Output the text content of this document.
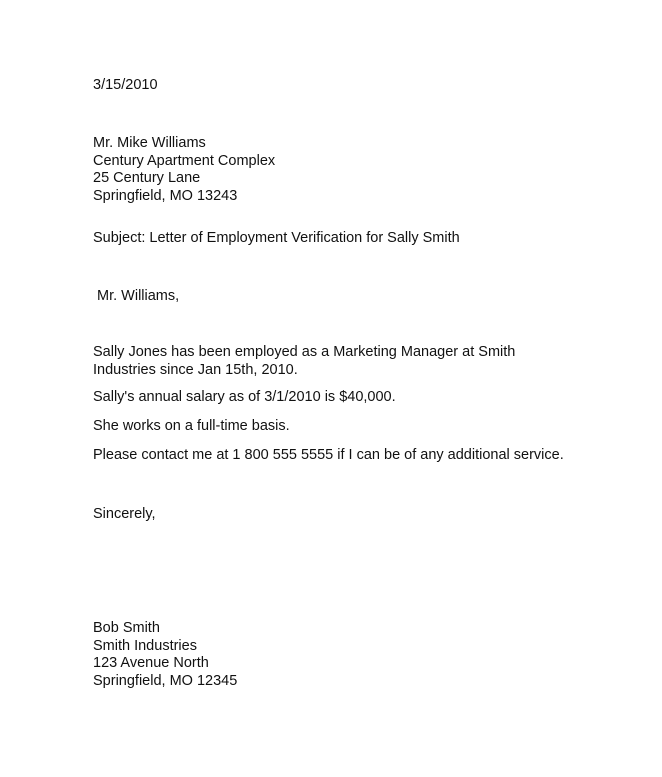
3/15/2010
Mr. Mike Williams
Century Apartment Complex
25 Century Lane
Springfield, MO 13243
Subject: Letter of Employment Verification for Sally Smith
Mr. Williams,
Sally Jones has been employed as a Marketing Manager at Smith
Industries since Jan 15th, 2010.
Sally's annual salary as of 3/1/2010 is $40,000.
She works on a full-time basis.
Please contact me at 1 800 555 5555 if I can be of any additional service.
Sincerely,
Bob Smith
Smith Industries
123 Avenue North
Springfield, MO 12345
